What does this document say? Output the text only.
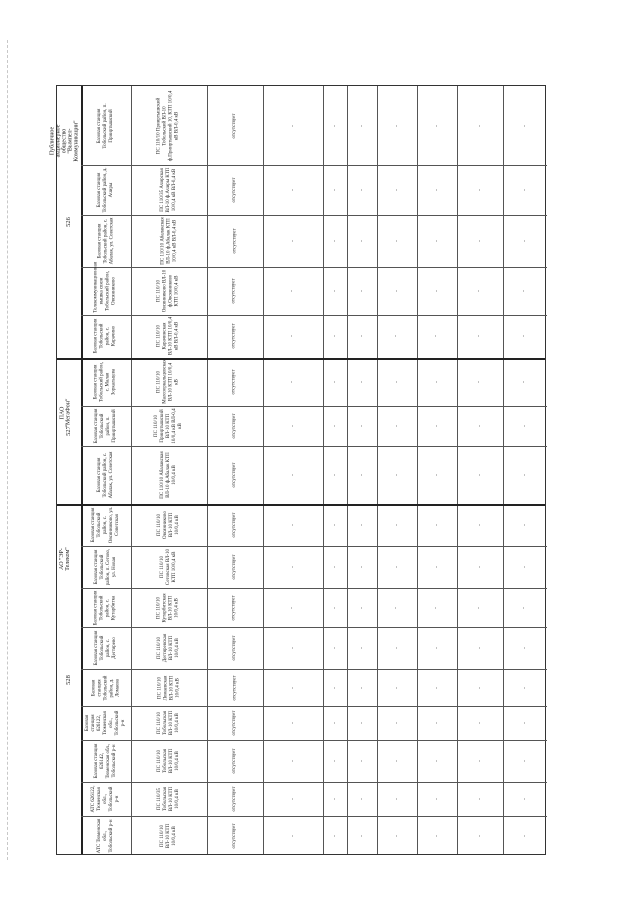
Базовая станция Тобольский район, п. Прииртышский	ПС 110/10 Прииртышский Тобольский ВЛ-10 ф.Прииртышский 10, КТП 10/0,4 кВ ВЛ-0,4 кВ	отсутствует	-	-	-	-	-	-	-
Базовая станция Тобольский район, д. Ачиры	ПС 110/35 Ачирская ВЛ-10 ф.Ачиры КТП 10/0,4 кВ ВЛ-0,4 кВ	отсутствует	-	-	-	-	-	-	-
Базовая станция Тобольский район, с. Абалак, ул. Советская	ПС 110/10 Абалакская ВЛ-10 ф.Абалак КТП 10/0,4 кВ ВЛ-0,4 кВ	отсутствует	-	-	-	-	-	-	-
Телекоммуникационная вышка связи Тобольский район, Овсянниково	ПС 110/10 Овсянниково ВЛ-10 ф.Овсянниково КТП 10/0,4 кВ	отсутствует	-	-	-	-	-	-	-
Базовая станция Тобольский район, с. Карачино	ПС 110/10 Карачинская ВЛ-10 КТП 10/0,4 кВ ВЛ-0,4 кВ	отсутствует	-	-	-	-	-	-	-
Базовая станция Тобольский район, с. Малая Зоркальцева	ПС 110/10 Малозоркальцевская ВЛ-10 КТП 10/0,4 кВ	отсутствует	-	-	-	-	-	-	-
Базовая станция Тобольский район, п. Прииртышский	ПС 110/10 Прииртышский ВЛ-10 КТП 10/0,4 кВ ВЛ-0,4 кВ	отсутствует	-	-	-	-	-	-	-
Базовая станция Тобольский район, с. Абалак, ул. Советская	ПС 110/10 Абалакская ВЛ-10 ф.Абалак КТП 10/0,4 кВ	отсутствует	-	-	-	-	-	-	-
Базовая станция Тобольский район, с. Овсянниково, ул. Советская	ПС 110/10 Овсянниково ВЛ-10 КТП 10/0,4 кВ	отсутствует	-	-	-	-	-	-	-
Базовая станция Тобольский район, п. Сетово, ул. Новая	ПС 110/10 Сетовская ВЛ-10 КТП 10/0,4 кВ	отсутствует	-	-	-	-	-	-	-
Базовая станция Тобольский район, с. Кутарбитка	ПС 110/10 Кутарбитская ВЛ-10 КТП 10/0,4 кВ	отсутствует	-	-	-	-	-	-	-
Базовая станция Тобольский район, с. Дегтярево	ПС 110/10 Дегтяревская ВЛ-10 КТП 10/0,4 кВ	отсутствует	-	-	-	-	-	-	-
Базовая станция Тобольский район, д. Ломаева	ПС 110/10 Ломаевская ВЛ-10 КТП 10/0,4 кВ	отсутствует	-	-	-	-	-	-	-
Базовая станция 626122, Тюменская обл., Тобольский р-н	ПС 110/10 Тобольская ВЛ-10 КТП 10/0,4 кВ	отсутствует	-	-	-	-	-	-	-
Базовая станция 626142, Тюменская обл., Тобольский р-н	ПС 110/10 Тобольская ВЛ-10 КТП 10/0,4 кВ	отсутствует	-	-	-	-	-	-	-
АТС 626122, Тюменская обл., Тобольский р-н	ПС 110/35 Тобольская ВЛ-10 КТП 10/0,4 кВ	отсутствует	-	-	-	-	-	-	-
АТС Тюменская обл., Тобольский р-н	ПС 110/10 ВЛ-10 КТП 10/0,4 кВ	отсутствует	-	-	-	-	-	-	-
526
527
528
Публичное акционерное общество "Вымпел-Коммуникации"
ПАО "МегаФон"
АО "ЭР-Телеком"
